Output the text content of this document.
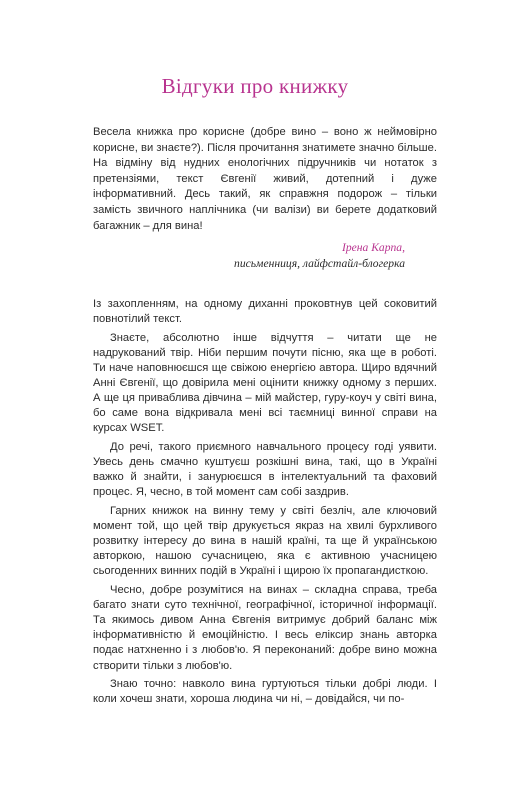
Відгуки про книжку
Весела книжка про корисне (добре вино – воно ж неймовірно корисне, ви знаєте?). Після прочитання знатимете значно більше. На відміну від нудних енологічних підручників чи нотаток з претензіями, текст Євгенії живий, дотепний і дуже інформативний. Десь такий, як справжня подорож – тільки замість звичного наплічника (чи валізи) ви берете додатковий багажник – для вина!
Ірена Карпа,
письменниця, лайфстайл-блогерка

Із захопленням, на одному диханні проковтнув цей соковитий повнотілий текст.

Знаєте, абсолютно інше відчуття – читати ще не надрукований твір. Ніби першим почути пісню, яка ще в роботі. Ти наче наповнюєшся ще свіжою енергією автора. Щиро вдячний Анні Євгенії, що довірила мені оцінити книжку одному з перших. А ще ця приваблива дівчина – мій майстер, гуру-коуч у світі вина, бо саме вона відкривала мені всі таємниці винної справи на курсах WSET.

До речі, такого приємного навчального процесу годі уявити. Увесь день смачно куштуєш розкішні вина, такі, що в Україні важко й знайти, і занурюєшся в інтелектуальний та фаховий процес. Я, чесно, в той момент сам собі заздрив.

Гарних книжок на винну тему у світі безліч, але ключовий момент той, що цей твір друкується якраз на хвилі бурхливого розвитку інтересу до вина в нашій країні, та ще й українською авторкою, нашою сучасницею, яка є активною учасницею сьогоденних винних подій в Україні і щирою їх пропагандисткою.

Чесно, добре розумітися на винах – складна справа, треба багато знати суто технічної, географічної, історичної інформації. Та якимось дивом Анна Євгенія витримує добрий баланс між інформативністю й емоційністю. І весь еліксир знань авторка подає натхненно і з любов'ю. Я переконаний: добре вино можна створити тільки з любов'ю.

Знаю точно: навколо вина гуртуються тільки добрі люди. І коли хочеш знати, хороша людина чи ні, – довідайся, чи по-
